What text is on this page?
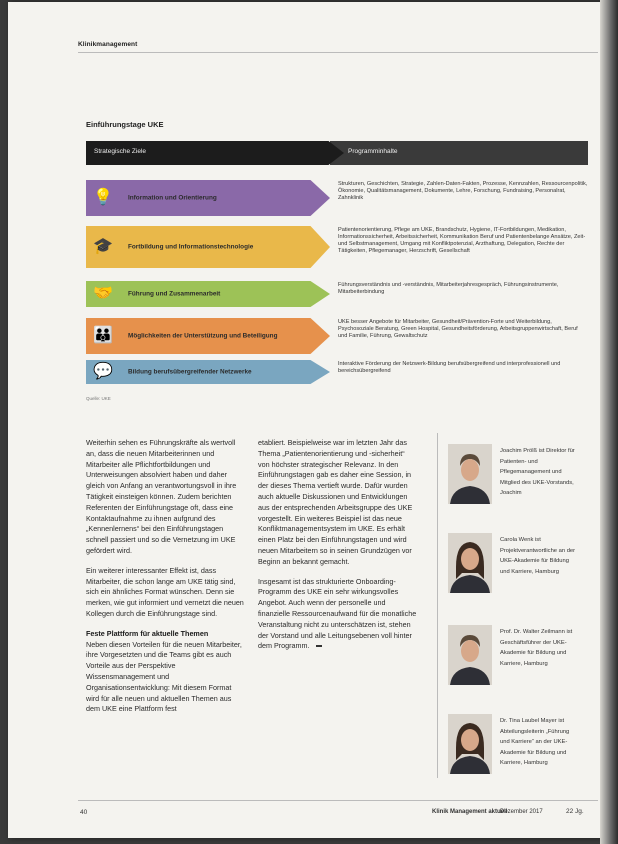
Klinikmanagement
Einführungstage UKE
Strategische Ziele	Programminhalte
💡 Information und Orientierung
Strukturen, Geschichten, Strategie, Zahlen-Daten-Fakten, Prozesse, Kennzahlen, Ressourcenpolitik, Ökonomie, Qualitätsmanagement, Dokumente, Lehre, Forschung, Fundraising, Personalrat, Zahnklinik
🎓 Fortbildung und Informationstechnologie
Patientenorientierung, Pflege am UKE, Brandschutz, Hygiene, IT-Fortbildungen, Medikation, Informationssicherheit, Arbeitssicherheit, Kommunikation Beruf und Patientenbelange Ansätze, Zeit- und Selbstmanagement, Umgang mit Konfliktpotenzial, Arzthaftung, Delegation, Rechte der Tätigkeiten, Pflegemanager, Herzschrift, Gesellschaft
🤝 Führung und Zusammenarbeit
Führungsverständnis und -verständnis, Mitarbeiterjahresgespräch, Führungsinstrumente, Mitarbeiterbindung
👪 Möglichkeiten der Unterstützung und Beteiligung
UKE besser Angebote für Mitarbeiter, Gesundheit/Prävention-Forte und Weiterbildung, Psychosoziale Beratung, Green Hospital, Gesundheitsförderung, Arbeitsgruppenwirtschaft, Beruf und Familie, Führung, Gewaltschutz
💬 Bildung berufsübergreifender Netzwerke
Interaktive Förderung der Netzwerk-Bildung berufsübergreifend und interprofessionell und bereichsübergreifend
Quelle: UKE

Weiterhin sehen es Führungskräfte als wertvoll an, dass die neuen Mitarbeiterinnen und Mitarbeiter alle Pflichtfortbildungen und Unterweisungen absolviert haben und daher gleich von Anfang an verantwortungsvoll in ihre Tätigkeit einsteigen können. Zudem berichten Referenten der Einführungstage oft, dass eine Kontaktaufnahme zu ihnen aufgrund des „Kennenlernens“ bei den Einführungstagen schnell passiert und so die Vernetzung im UKE gefördert wird.

Ein weiterer interessanter Effekt ist, dass Mitarbeiter, die schon lange am UKE tätig sind, sich ein ähnliches Format wünschen. Denn sie merken, wie gut informiert und vernetzt die neuen Kollegen durch die Einführungstage sind.

Feste Plattform für aktuelle Themen

Neben diesen Vorteilen für die neuen Mitarbeiter, ihre Vorgesetzten und die Teams gibt es auch Vorteile aus der Perspektive Wissensmanagement und Organisationsentwicklung: Mit diesem Format wird für alle neuen und aktuellen Themen aus dem UKE eine Plattform fest

etabliert. Beispielweise war im letzten Jahr das Thema „Patientenorientierung und -sicherheit“ von höchster strategischer Relevanz. In den Einführungstagen gab es daher eine Session, in der dieses Thema vertieft wurde. Dafür wurden auch aktuelle Diskussionen und Entwicklungen aus der entsprechenden Arbeitsgruppe des UKE vorgestellt. Ein weiteres Beispiel ist das neue Konfliktmanagementsystem im UKE. Es erhält einen Platz bei den Einführungstagen und wird neuen Mitarbeitern so in seinen Grundzügen vor Beginn an bekannt gemacht.

Insgesamt ist das strukturierte Onboarding-Programm des UKE ein sehr wirkungsvolles Angebot. Auch wenn der personelle und finanzielle Ressourcenaufwand für die monatliche Veranstaltung nicht zu unterschätzen ist, stehen der Vorstand und alle Leitungsebenen voll hinter dem Programm.

Joachim Prölß ist Direktor für Patienten- und Pflegemanagement und Mitglied des UKE-Vorstands, Joachim
Carola Wenk ist Projektverantwortliche an der UKE-Akademie für Bildung und Karriere, Hamburg
Prof. Dr. Walter Zeilmann ist Geschäftsführer der UKE-Akademie für Bildung und Karriere, Hamburg
Dr. Tina Laubel Mayer ist Abteilungsleiterin „Führung und Karriere“ an der UKE-Akademie für Bildung und Karriere, Hamburg
40	Klinik Management aktuell
Dezember 2017	22 Jg.
